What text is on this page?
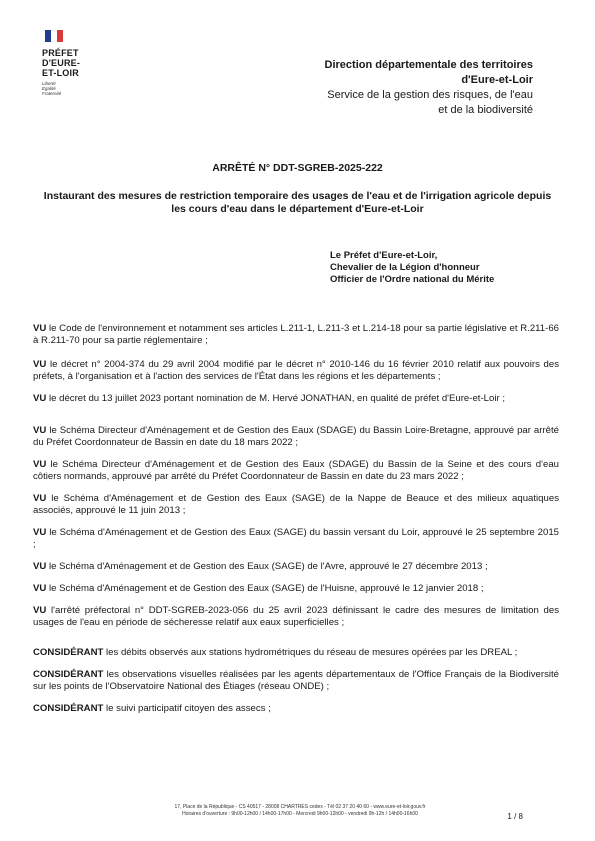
PRÉFET
D'EURE-
ET-LOIR
Liberté
Égalité
Fraternité
Direction départementale des territoires
d'Eure-et-Loir
Service de la gestion des risques, de l'eau
et de la biodiversité
ARRÊTÉ N° DDT-SGREB-2025-222
Instaurant des mesures de restriction temporaire des usages de l'eau et de l'irrigation agricole depuis les cours d'eau dans le département d'Eure-et-Loir
Le Préfet d'Eure-et-Loir,
Chevalier de la Légion d'honneur
Officier de l'Ordre national du Mérite

VU le Code de l'environnement et notamment ses articles L.211-1, L.211-3 et L.214-18 pour sa partie législative et R.211-66 à R.211-70 pour sa partie réglementaire ;

VU le décret n° 2004-374 du 29 avril 2004 modifié par le décret n° 2010-146 du 16 février 2010 relatif aux pouvoirs des préfets, à l'organisation et à l'action des services de l'État dans les régions et les départements ;

VU le décret du 13 juillet 2023 portant nomination de M. Hervé JONATHAN, en qualité de préfet d'Eure-et-Loir ;

VU le Schéma Directeur d'Aménagement et de Gestion des Eaux (SDAGE) du Bassin Loire-Bretagne, approuvé par arrêté du Préfet Coordonnateur de Bassin en date du 18 mars 2022 ;

VU le Schéma Directeur d'Aménagement et de Gestion des Eaux (SDAGE) du Bassin de la Seine et des cours d'eau côtiers normands, approuvé par arrêté du Préfet Coordonnateur de Bassin en date du 23 mars 2022 ;

VU le Schéma d'Aménagement et de Gestion des Eaux (SAGE) de la Nappe de Beauce et des milieux aquatiques associés, approuvé le 11 juin 2013 ;

VU le Schéma d'Aménagement et de Gestion des Eaux (SAGE) du bassin versant du Loir, approuvé le 25 septembre 2015 ;

VU le Schéma d'Aménagement et de Gestion des Eaux (SAGE) de l'Avre, approuvé le 27 décembre 2013 ;

VU le Schéma d'Aménagement et de Gestion des Eaux (SAGE) de l'Huisne, approuvé le 12 janvier 2018 ;

VU l'arrêté préfectoral n° DDT-SGREB-2023-056 du 25 avril 2023 définissant le cadre des mesures de limitation des usages de l'eau en période de sécheresse relatif aux eaux superficielles ;

CONSIDÉRANT les débits observés aux stations hydrométriques du réseau de mesures opérées par les DREAL ;

CONSIDÉRANT les observations visuelles réalisées par les agents départementaux de l'Office Français de la Biodiversité sur les points de l'Observatoire National des Étiages (réseau ONDE) ;

CONSIDÉRANT le suivi participatif citoyen des assecs ;

17, Place de la République - CS 40517 - 28008 CHARTRES cedex - Tél 02 37 20 40 60 - www.eure-et-loir.gouv.fr
Horaires d'ouverture : 9h00-12h00 / 14h00-17h00 - Mercredi 9h00-12h00 - vendredi 9h-12h / 14h00-16h00	1 / 8
